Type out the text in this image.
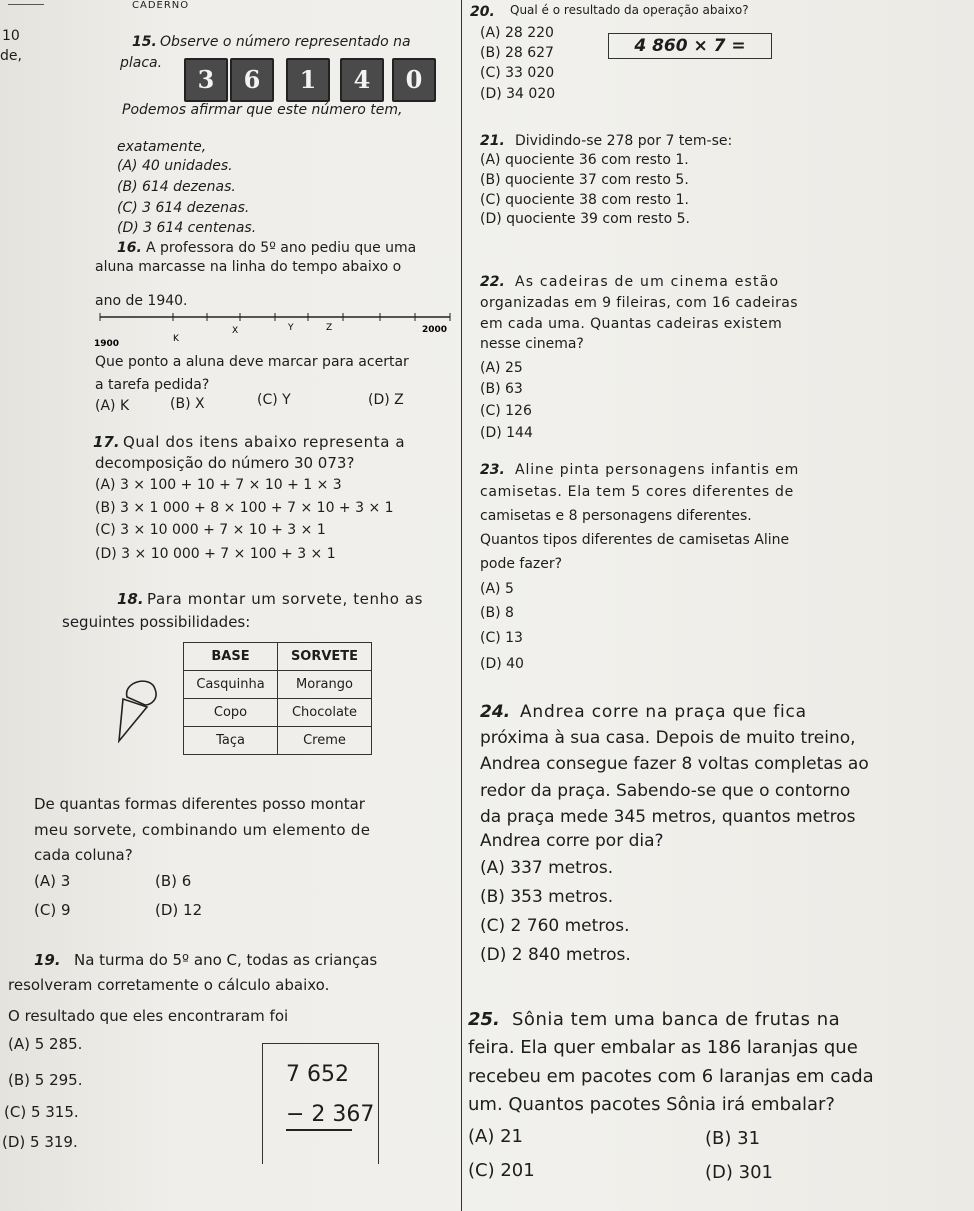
CADERNO
10
de,
15. Observe o número representado na
placa.
3	6	1	4	0
Podemos afirmar que este número tem,
exatamente,
(A) 40 unidades.
(B) 614 dezenas.
(C) 3 614 dezenas.
(D) 3 614 centenas.
16. A professora do 5º ano pediu que uma
aluna marcasse na linha do tempo abaixo o
ano de 1940.
1900	K
X	Y	Z	2000
Que ponto a aluna deve marcar para acertar
a tarefa pedida?
(A) K	(B) X	(C) Y	(D) Z
17. Qual dos itens abaixo representa a
decomposição do número 30 073?
(A) 3 × 100 + 10 + 7 × 10 + 1 × 3
(B) 3 × 1 000 + 8 × 100 + 7 × 10 + 3 × 1
(C) 3 × 10 000 + 7 × 10 + 3 × 1
(D) 3 × 10 000 + 7 × 100 + 3 × 1
18. Para montar um sorvete, tenho as
seguintes possibilidades:
BASE	SORVETE
Casquinha	Morango
Copo	Chocolate
Taça	Creme
De quantas formas diferentes posso montar
meu sorvete, combinando um elemento de
cada coluna?
(A) 3	(B) 6
(C) 9	(D) 12
19. Na turma do 5º ano C, todas as crianças
resolveram corretamente o cálculo abaixo.
O resultado que eles encontraram foi
7 652
− 2 367
(A) 5 285.
(B) 5 295.
(C) 5 315.
(D) 5 319.
20. Qual é o resultado da operação abaixo?
(A) 28 220
(B) 28 627
(C) 33 020
(D) 34 020
4 860 × 7 =
21. Dividindo-se 278 por 7 tem-se:
(A) quociente 36 com resto 1.
(B) quociente 37 com resto 5.
(C) quociente 38 com resto 1.
(D) quociente 39 com resto 5.
22. As cadeiras de um cinema estão
organizadas em 9 fileiras, com 16 cadeiras
em cada uma. Quantas cadeiras existem
nesse cinema?
(A) 25
(B) 63
(C) 126
(D) 144
23. Aline pinta personagens infantis em
camisetas. Ela tem 5 cores diferentes de
camisetas e 8 personagens diferentes.
Quantos tipos diferentes de camisetas Aline
pode fazer?
(A) 5
(B) 8
(C) 13
(D) 40
24. Andrea corre na praça que fica
próxima à sua casa. Depois de muito treino,
Andrea consegue fazer 8 voltas completas ao
redor da praça. Sabendo-se que o contorno
da praça mede 345 metros, quantos metros
Andrea corre por dia?
(A) 337 metros.
(B) 353 metros.
(C) 2 760 metros.
(D) 2 840 metros.
25. Sônia tem uma banca de frutas na
feira. Ela quer embalar as 186 laranjas que
recebeu em pacotes com 6 laranjas em cada
um. Quantos pacotes Sônia irá embalar?
(A) 21	(B) 31
(C) 201	(D) 301
